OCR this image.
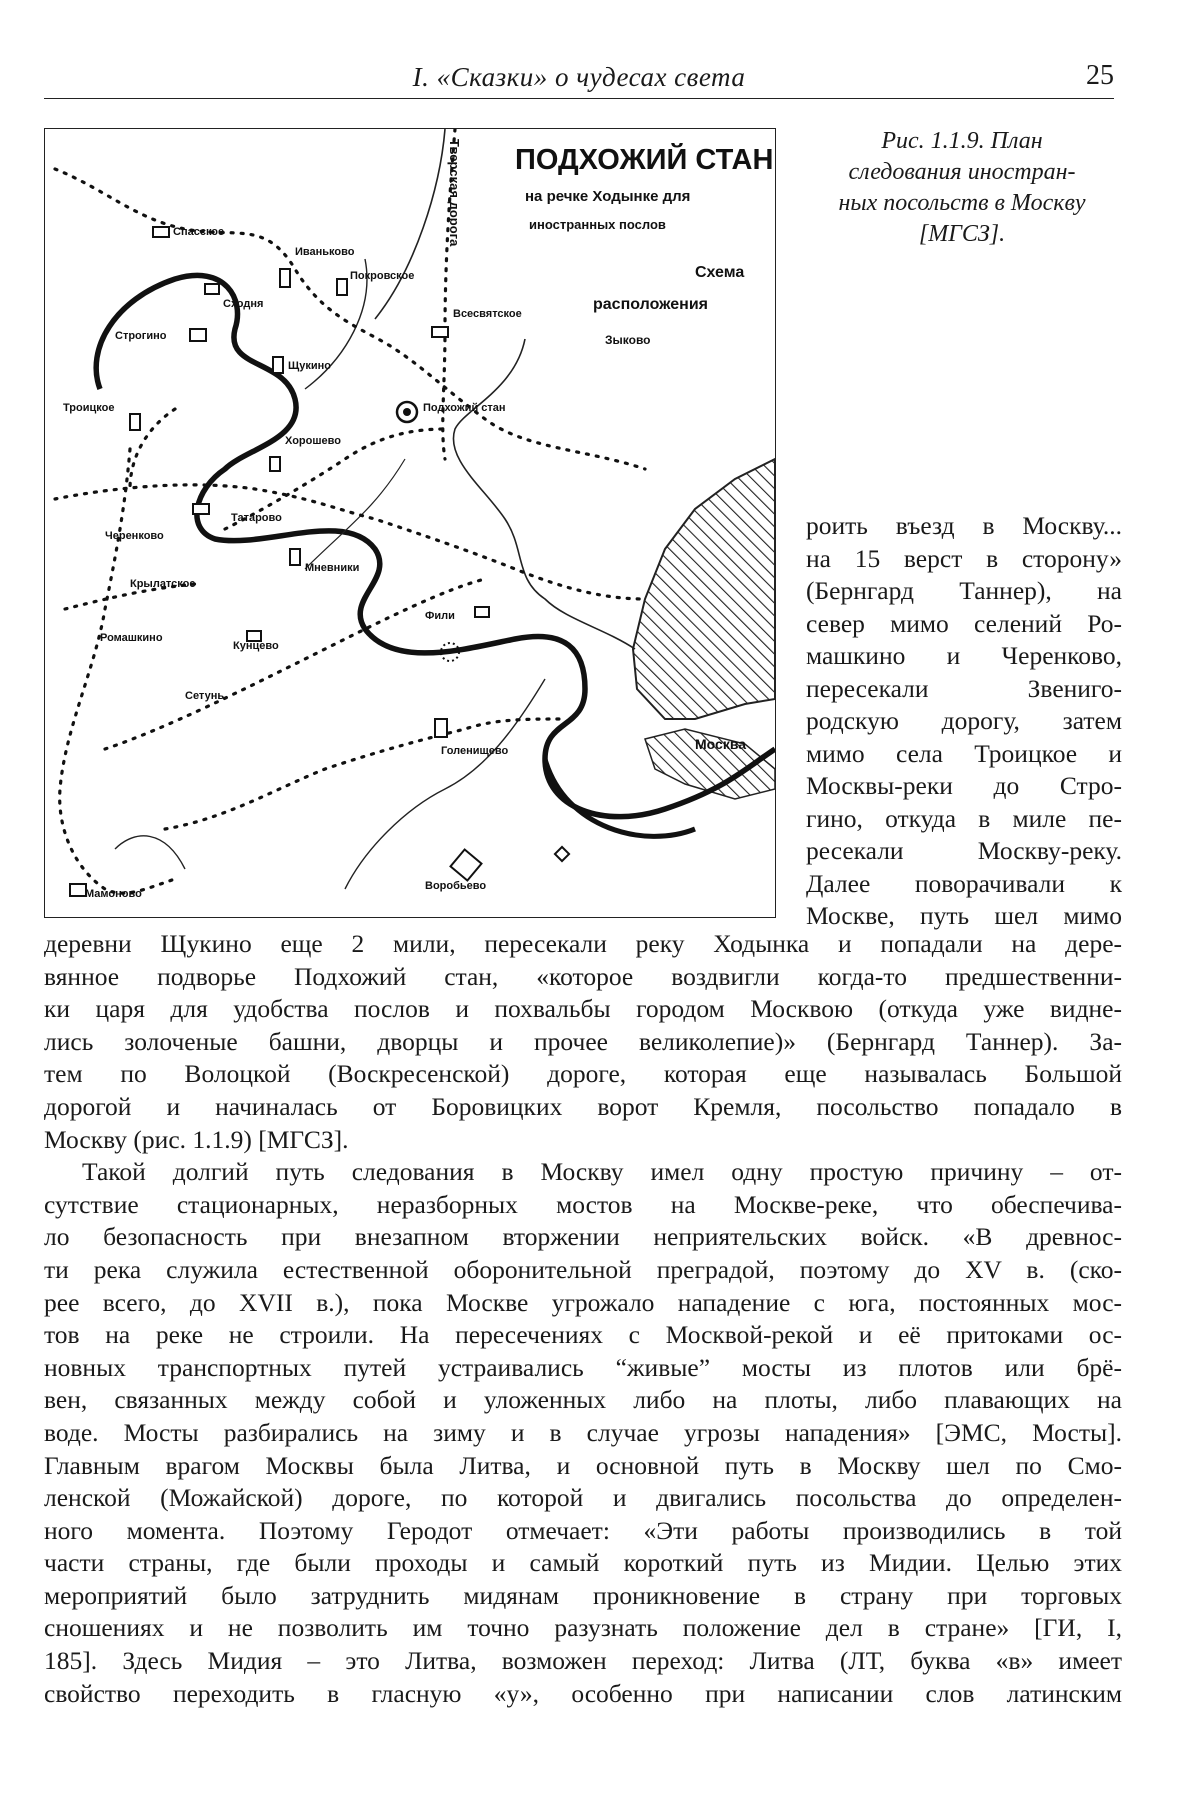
I. «Сказки» о чудесах света	25
ПОДХОЖИЙ СТАН
на речке Ходынке для
иностранных послов
Схема
расположения
Тверская дорога
Спасское
Иваньково
Покровское
Сходня
Строгино
Всесвятское
Зыково
Щукино
Троицкое	Подхожий стан
Хорошево
Татарово
Черенково
Мневники
Крылатское
Фили
Ромашкино
Кунцево
Сетунь
Голенищево	Москва
Мамоново
Воробьево
Рис. 1.1.9. План
следования иностран-
ных посольств в Москву
[МГСЗ].
роить въезд в Москву...
на 15 верст в сторону»
(Бернгард Таннер), на
север мимо селений Ро-
машкино и Черенково,
пересекали Звениго-
родскую дорогу, затем
мимо села Троицкое и
Москвы-реки до Стро-
гино, откуда в миле пе-
ресекали Москву-реку.
Далее поворачивали к
Москве, путь шел мимо
деревни Щукино еще 2 мили, пересекали реку Ходынка и попадали на дере-
вянное подворье Подхожий стан, «которое воздвигли когда-то предшественни-
ки царя для удобства послов и похвальбы городом Москвою (откуда уже видне-
лись золоченые башни, дворцы и прочее великолепие)» (Бернгард Таннер). За-
тем по Волоцкой (Воскресенской) дороге, которая еще называлась Большой
дорогой и начиналась от Боровицких ворот Кремля, посольство попадало в
Москву (рис. 1.1.9) [МГСЗ].
Такой долгий путь следования в Москву имел одну простую причину – от-
сутствие стационарных, неразборных мостов на Москве-реке, что обеспечива-
ло безопасность при внезапном вторжении неприятельских войск. «В древнос-
ти река служила естественной оборонительной преградой, поэтому до XV в. (ско-
рее всего, до XVII в.), пока Москве угрожало нападение с юга, постоянных мос-
тов на реке не строили. На пересечениях с Москвой-рекой и её притоками ос-
новных транспортных путей устраивались “живые” мосты из плотов или брё-
вен, связанных между собой и уложенных либо на плоты, либо плавающих на
воде. Мосты разбирались на зиму и в случае угрозы нападения» [ЭМС, Мосты].
Главным врагом Москвы была Литва, и основной путь в Москву шел по Смо-
ленской (Можайской) дороге, по которой и двигались посольства до определен-
ного момента. Поэтому Геродот отмечает: «Эти работы производились в той
части страны, где были проходы и самый короткий путь из Мидии. Целью этих
мероприятий было затруднить мидянам проникновение в страну при торговых
сношениях и не позволить им точно разузнать положение дел в стране» [ГИ, I,
185]. Здесь Мидия – это Литва, возможен переход: Литва (ЛТ, буква «в» имеет
свойство переходить в гласную «у», особенно при написании слов латинским
